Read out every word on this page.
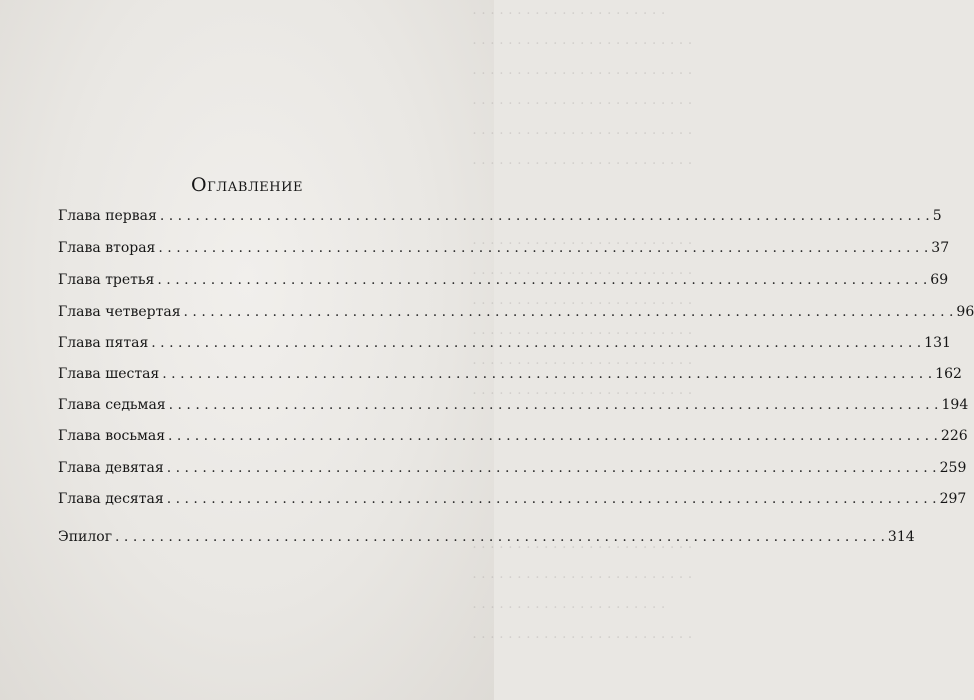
· · · · · · · · · · · · · · · · · · · · · ·
· · · · · · · · · · · · · · · · · · · · · · · · ·
· · · · · · · · · · · · · · · · · · · · · · · · ·
· · · · · · · · · · · · · · · · · · · · · · · · ·
· · · · · · · · · · · · · · · · · · · · · · · · ·
· · · · · · · · · · · · · · · · · · · · · · · · ·
· · · · · · · · · · · · · · · · · · · · · · · · ·
· · · · · · · · · · · · · · · · · · · · · · · · ·
· · · · · · · · · · · · · · · · · · · · · · · · ·
· · · · · · · · · · · · · · · · · · · · · · · · ·
· · · · · · · · · · · · · · · · · · · · · · · · ·
· · · · · · · · · · · · · · · · · · · · · · · · ·
· · · · · · · · · · · · · · · · · · · · · · · · ·
· · · · · · · · · · · · · · · · · · · · · · · · ·
· · · · · · · · · · · · · · · · · · · · · ·
· · · · · · · · · · · · · · · · · · · · · · · · ·
Оглавление
Глава первая . . .	5
Глава вторая . . .	37
Глава третья . . .	69
Глава четвертая . . .	96
Глава пятая . . .	131
Глава шестая . . .	162
Глава седьмая . . .	194
Глава восьмая . . .	226
Глава девятая . . .	259
Глава десятая . . .	297
Эпилог . . .	314
